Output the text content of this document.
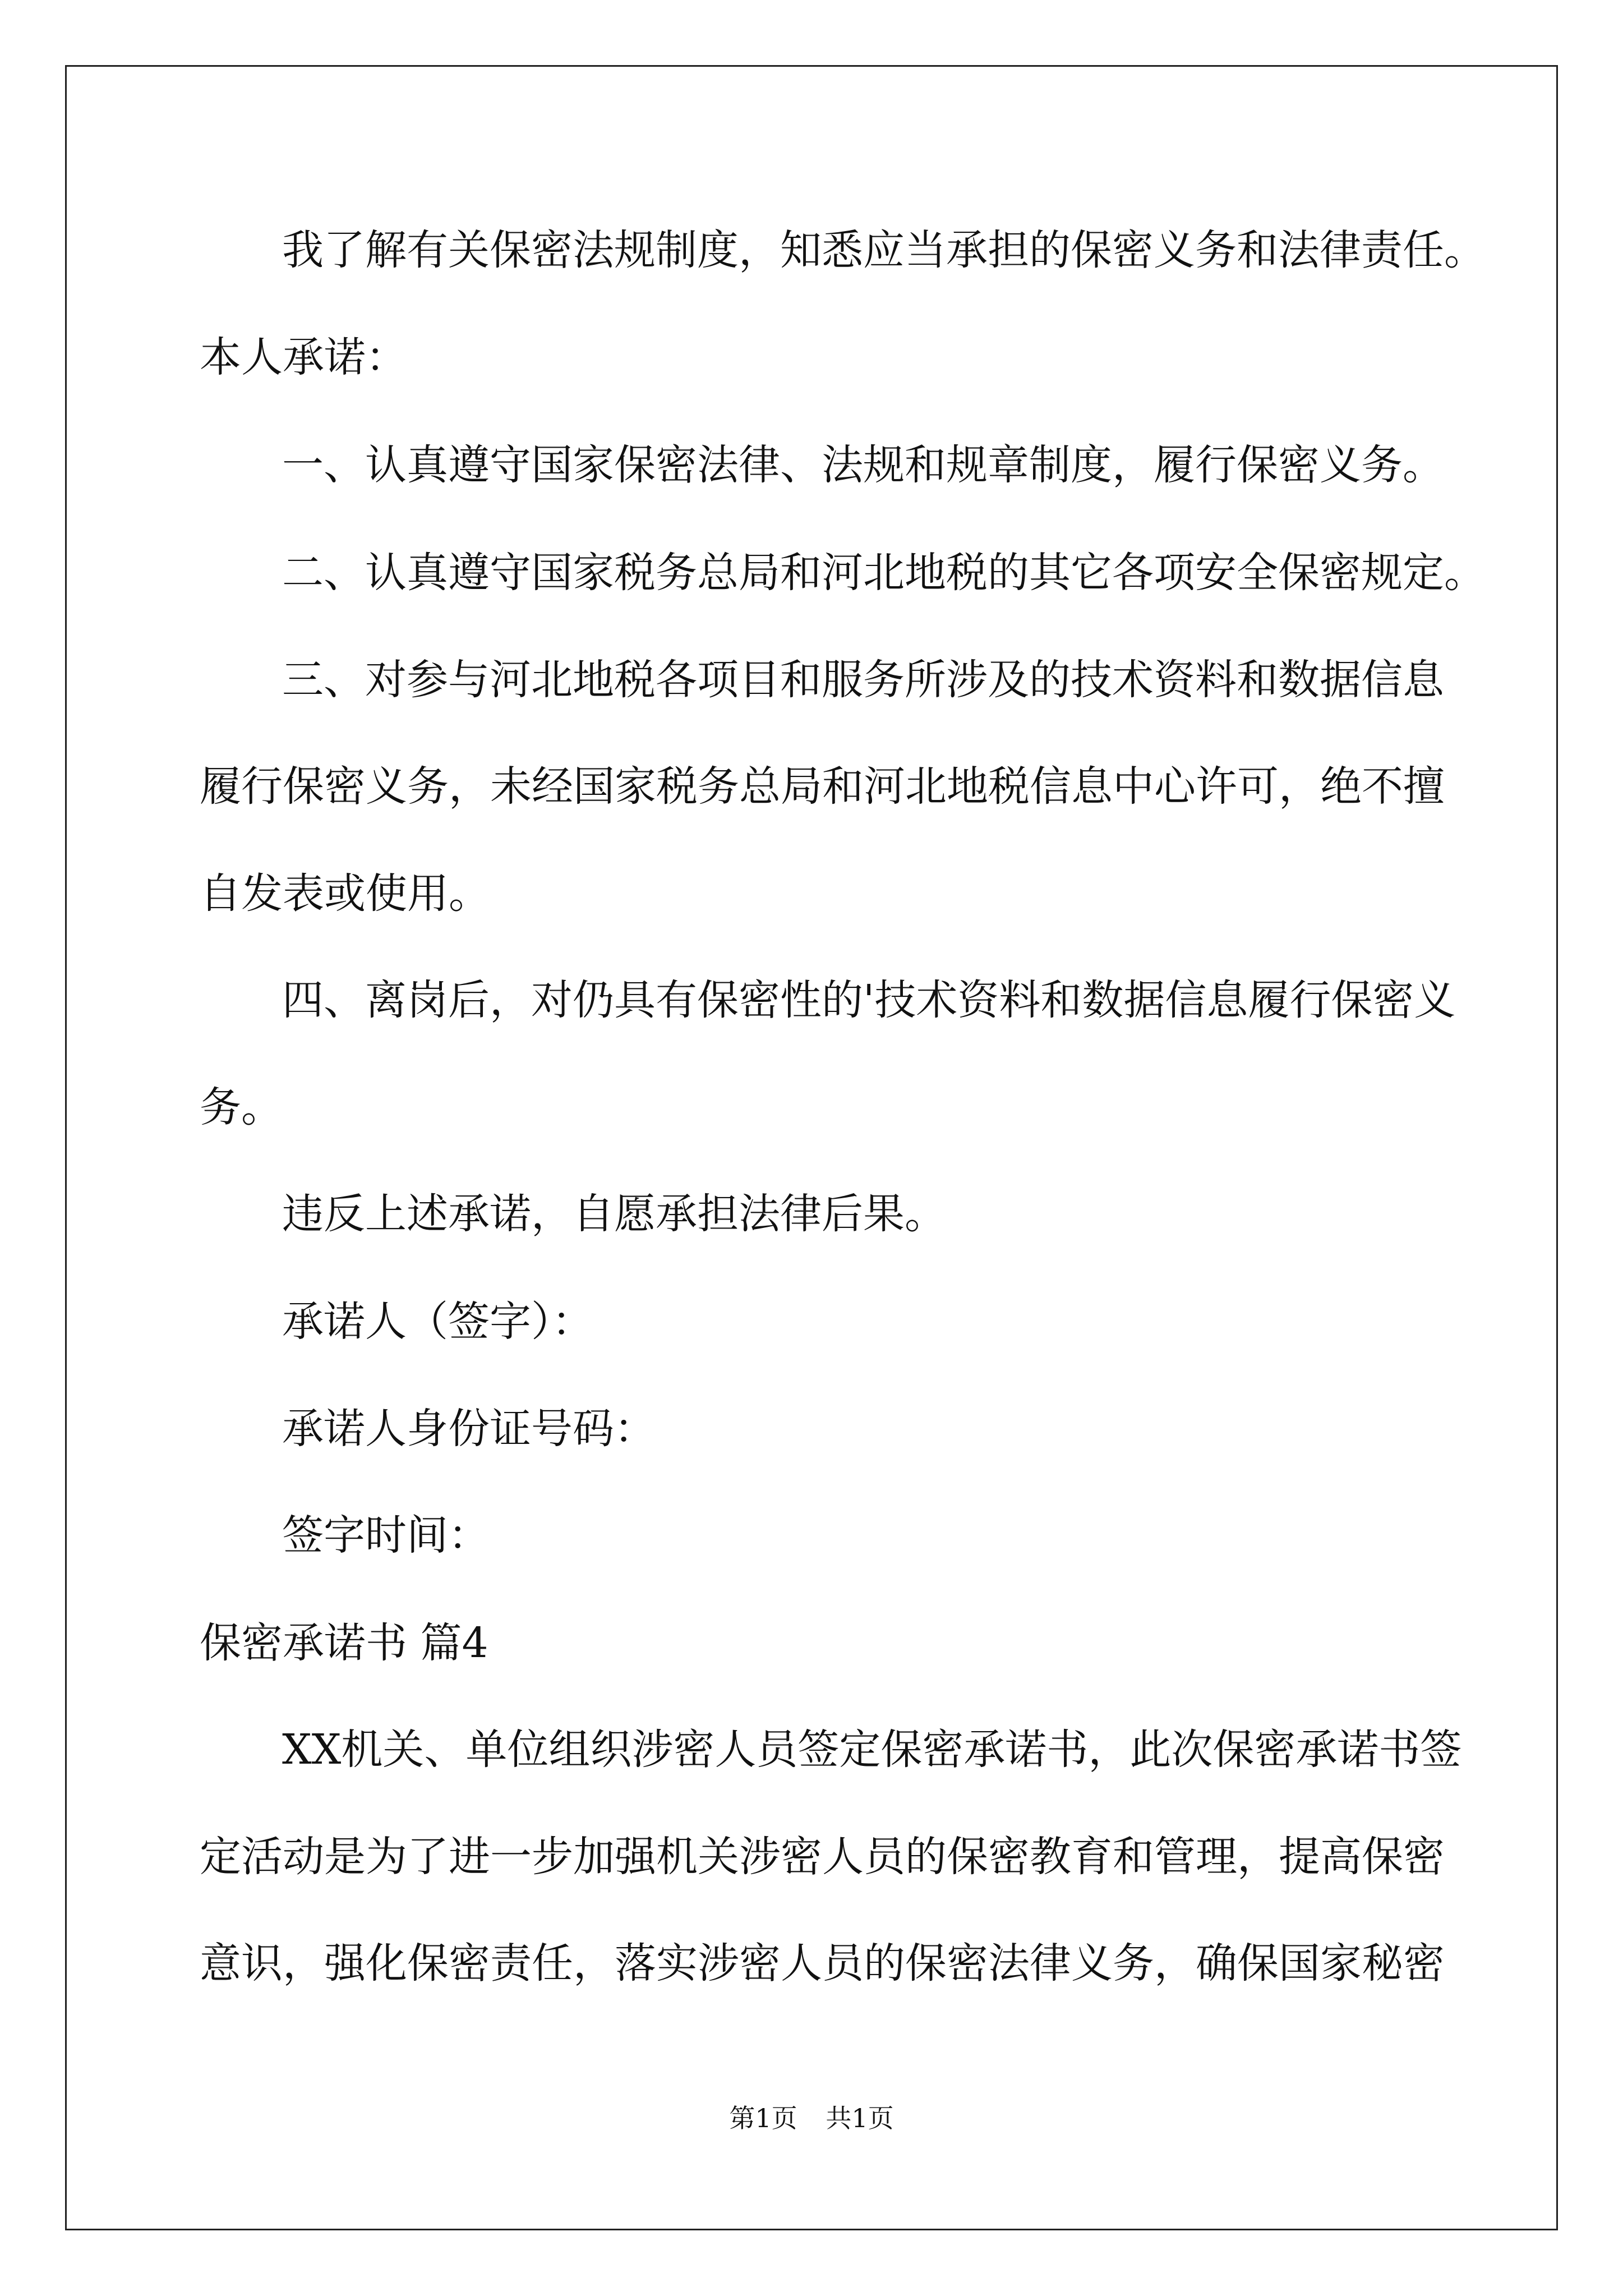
我了解有关保密法规制度，知悉应当承担的保密义务和法律责任。

本人承诺：

一、认真遵守国家保密法律、法规和规章制度，履行保密义务。

二、认真遵守国家税务总局和河北地税的其它各项安全保密规定。

三、对参与河北地税各项目和服务所涉及的技术资料和数据信息

履行保密义务，未经国家税务总局和河北地税信息中心许可，绝不擅

自发表或使用。

四、离岗后，对仍具有保密性的'技术资料和数据信息履行保密义

务。

违反上述承诺，自愿承担法律后果。

承诺人（签字）：

承诺人身份证号码：

签字时间：

保密承诺书 篇4

XX机关、单位组织涉密人员签定保密承诺书，此次保密承诺书签

定活动是为了进一步加强机关涉密人员的保密教育和管理，提高保密

意识，强化保密责任，落实涉密人员的保密法律义务，确保国家秘密

第1页 共1页
